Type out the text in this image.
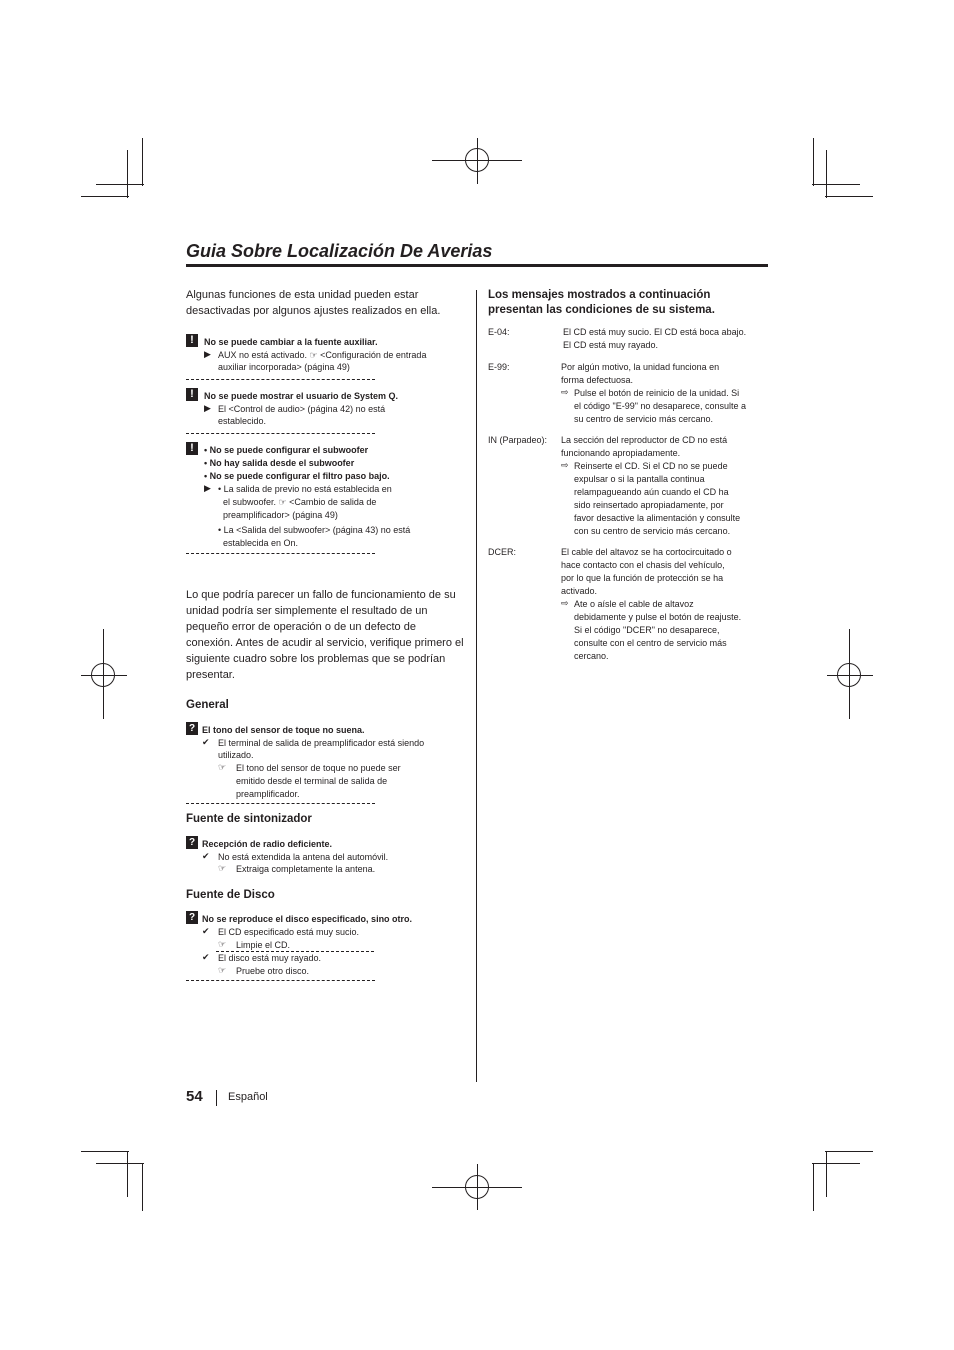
Guia Sobre Localización De Averias

Algunas funciones de esta unidad pueden estar desactivadas por algunos ajustes realizados en ella.

!	No se puede cambiar a la fuente auxiliar.
▶ AUX no está activado. ☞ <Configuración de entrada
auxiliar incorporada> (página 49)
!	No se puede mostrar el usuario de System Q.
▶ El <Control de audio> (página 42) no está
establecido.
!	• No se puede configurar el subwoofer
• No hay salida desde el subwoofer
• No se puede configurar el filtro paso bajo.
▶ • La salida de previo no está establecida en
el subwoofer. ☞ <Cambio de salida de
preamplificador> (página 49)
• La <Salida del subwoofer> (página 43) no está
establecida en On.

Lo que podría parecer un fallo de funcionamiento de su unidad podría ser simplemente el resultado de un pequeño error de operación o de un defecto de conexión. Antes de acudir al servicio, verifique primero el siguiente cuadro sobre los problemas que se podrían presentar.

General
? El tono del sensor de toque no suena.
✔ El terminal de salida de preamplificador está siendo
utilizado.
☞ El tono del sensor de toque no puede ser
emitido desde el terminal de salida de
preamplificador.
Fuente de sintonizador
? Recepción de radio deficiente.
✔ No está extendida la antena del automóvil.
☞ Extraiga completamente la antena.
Fuente de Disco
? No se reproduce el disco especificado, sino otro.
✔ El CD especificado está muy sucio.
☞ Limpie el CD.
✔ El disco está muy rayado.
☞ Pruebe otro disco.

Los mensajes mostrados a continuación

presentan las condiciones de su sistema.

E-04:	El CD está muy sucio. El CD está boca abajo.
El CD está muy rayado.
E-99:	Por algún motivo, la unidad funciona en
forma defectuosa.
⇨ Pulse el botón de reinicio de la unidad. Si
el código "E-99" no desaparece, consulte a
su centro de servicio más cercano.
IN (Parpadeo): La sección del reproductor de CD no está
funcionando apropiadamente.
⇨ Reinserte el CD. Si el CD no se puede
expulsar o si la pantalla continua
relampagueando aún cuando el CD ha
sido reinsertado apropiadamente, por
favor desactive la alimentación y consulte
con su centro de servicio más cercano.
DCER:	El cable del altavoz se ha cortocircuitado o
hace contacto con el chasis del vehículo,
por lo que la función de protección se ha
activado.
⇨ Ate o aísle el cable de altavoz
debidamente y pulse el botón de reajuste.
Si el código "DCER" no desaparece,
consulte con el centro de servicio más
cercano.
54 Español
